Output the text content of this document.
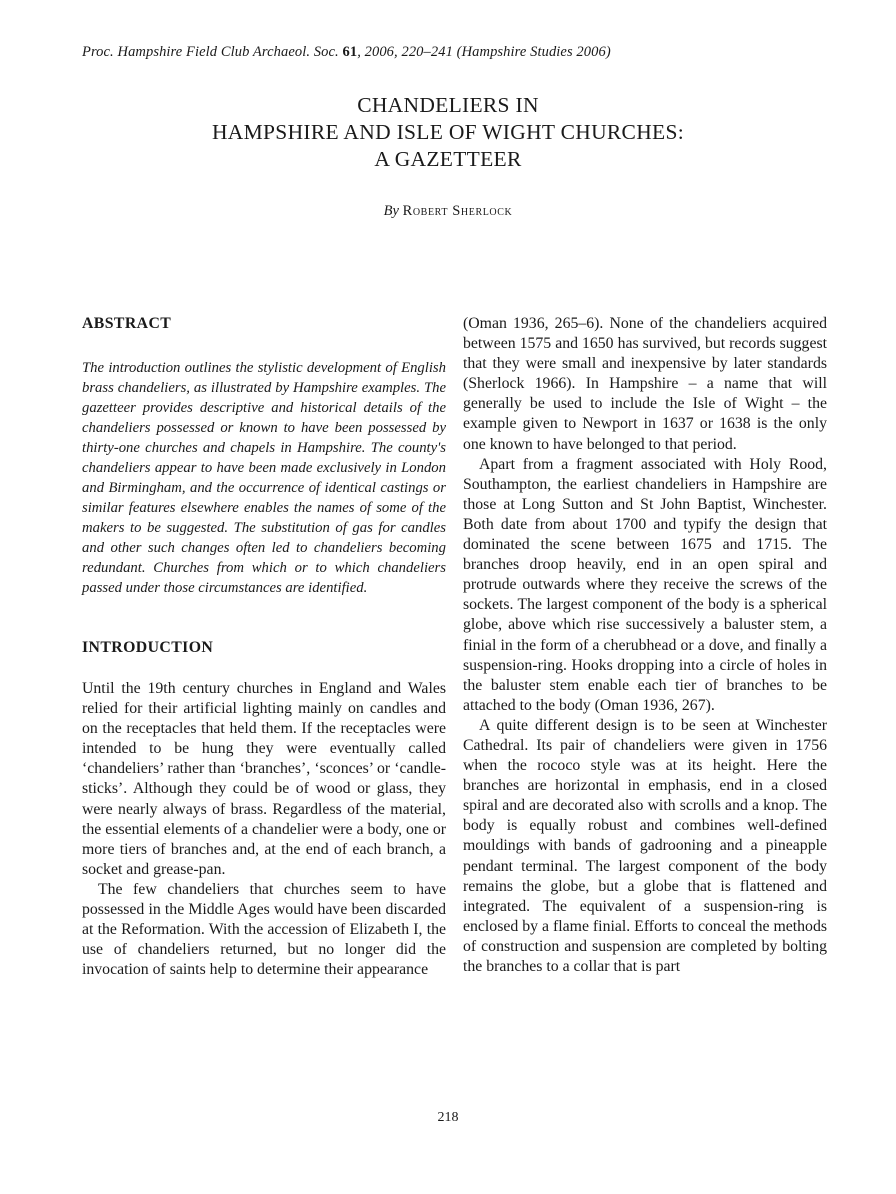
Proc. Hampshire Field Club Archaeol. Soc. 61, 2006, 220–241 (Hampshire Studies 2006)
CHANDELIERS IN
HAMPSHIRE AND ISLE OF WIGHT CHURCHES:
A GAZETTEER
By Robert Sherlock
ABSTRACT

The introduction outlines the stylistic development of English brass chandeliers, as illustrated by Hampshire examples. The gazetteer provides descriptive and historical details of the chandeliers possessed or known to have been possessed by thirty-one churches and chapels in Hampshire. The county's chandeliers appear to have been made exclusively in London and Birmingham, and the occurrence of identical castings or similar features elsewhere enables the names of some of the makers to be suggested. The substitution of gas for candles and other such changes often led to chandeliers becoming redundant. Churches from which or to which chandeliers passed under those circumstances are identified.

INTRODUCTION

Until the 19th century churches in England and Wales relied for their artificial lighting mainly on candles and on the receptacles that held them. If the receptacles were intended to be hung they were eventually called ‘chandeliers’ rather than ‘branches’, ‘sconces’ or ‘candlesticks’. Although they could be of wood or glass, they were nearly always of brass. Regardless of the material, the essential elements of a chandelier were a body, one or more tiers of branches and, at the end of each branch, a socket and grease-pan.

The few chandeliers that churches seem to have possessed in the Middle Ages would have been discarded at the Reformation. With the accession of Elizabeth I, the use of chandeliers returned, but no longer did the invocation of saints help to determine their appearance

(Oman 1936, 265–6). None of the chandeliers acquired between 1575 and 1650 has survived, but records suggest that they were small and inexpensive by later standards (Sherlock 1966). In Hampshire – a name that will generally be used to include the Isle of Wight – the example given to Newport in 1637 or 1638 is the only one known to have belonged to that period.

Apart from a fragment associated with Holy Rood, Southampton, the earliest chandeliers in Hampshire are those at Long Sutton and St John Baptist, Winchester. Both date from about 1700 and typify the design that dominated the scene between 1675 and 1715. The branches droop heavily, end in an open spiral and protrude outwards where they receive the screws of the sockets. The largest component of the body is a spherical globe, above which rise successively a baluster stem, a finial in the form of a cherubhead or a dove, and finally a suspension-ring. Hooks dropping into a circle of holes in the baluster stem enable each tier of branches to be attached to the body (Oman 1936, 267).

A quite different design is to be seen at Winchester Cathedral. Its pair of chandeliers were given in 1756 when the rococo style was at its height. Here the branches are horizontal in emphasis, end in a closed spiral and are decorated also with scrolls and a knop. The body is equally robust and combines well-defined mouldings with bands of gadrooning and a pineapple pendant terminal. The largest component of the body remains the globe, but a globe that is flattened and integrated. The equivalent of a suspension-ring is enclosed by a flame finial. Efforts to conceal the methods of construction and suspension are completed by bolting the branches to a collar that is part

218
